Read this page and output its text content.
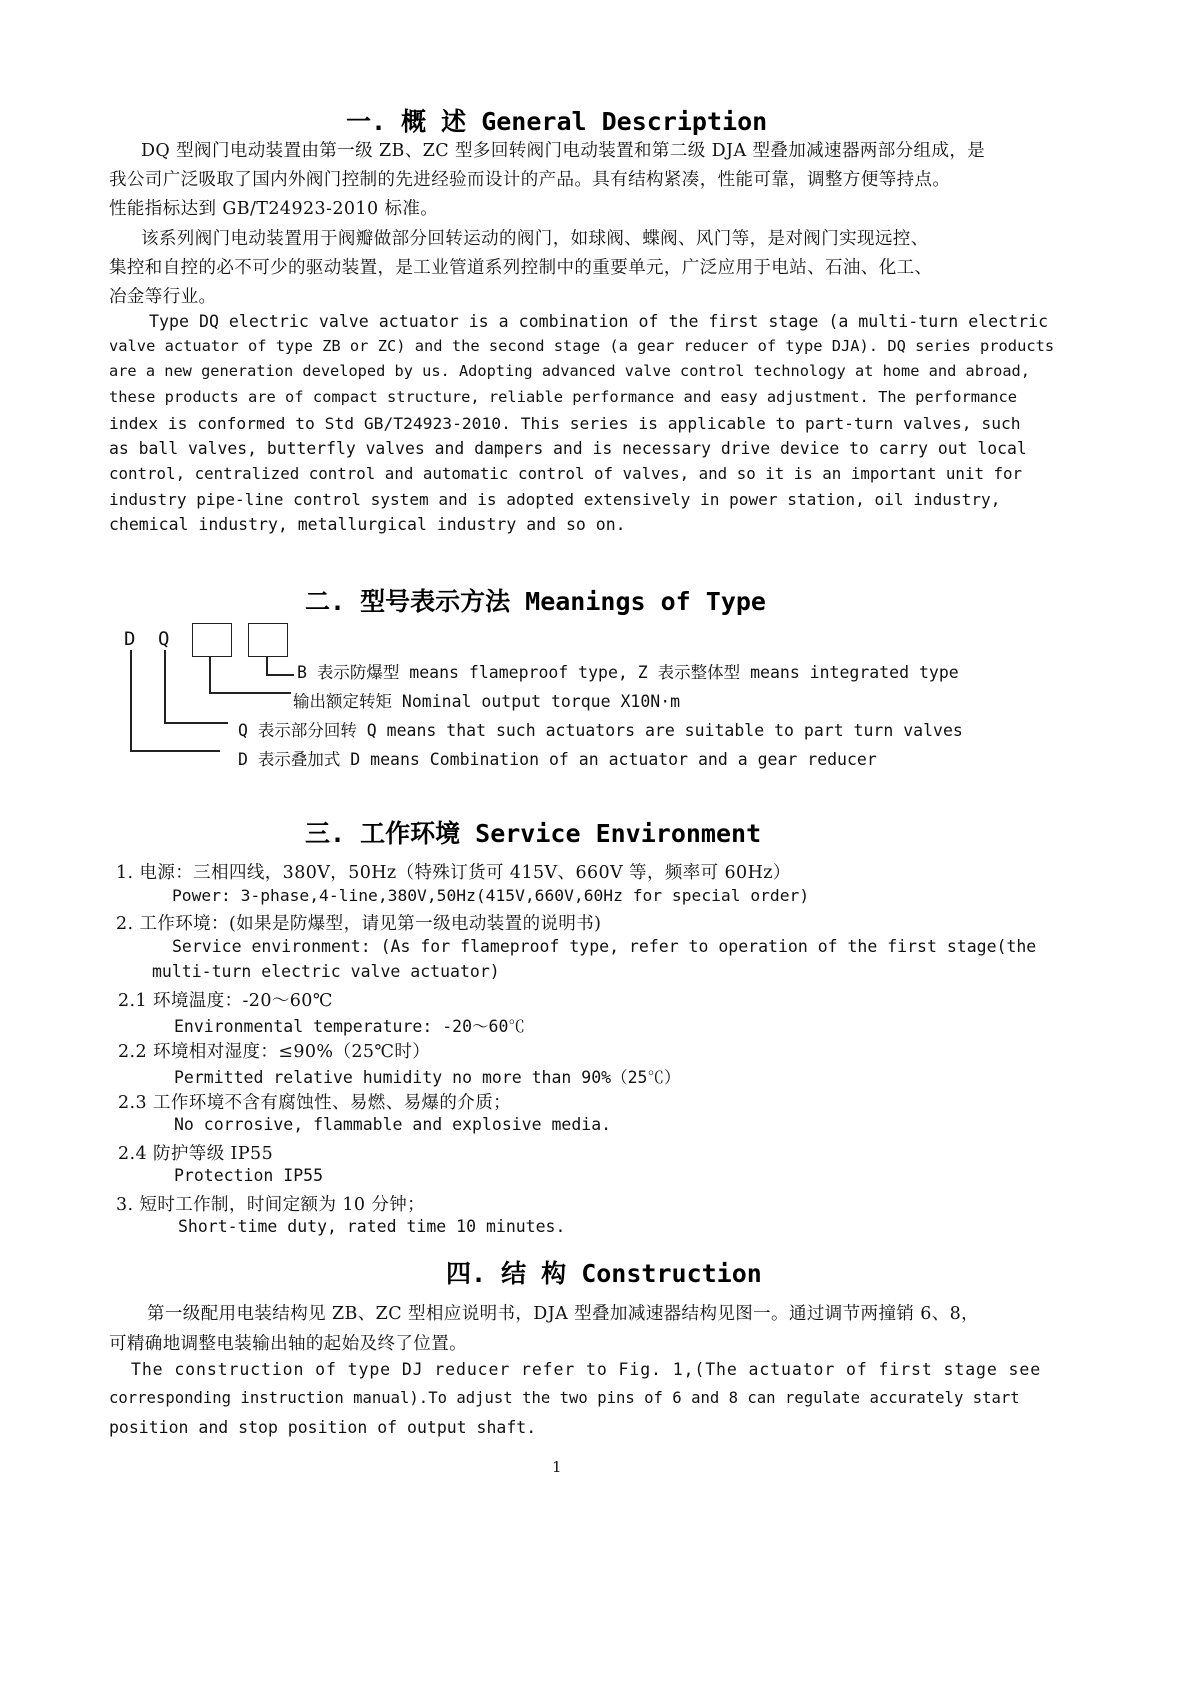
一. 概 述 General Description
DQ 型阀门电动装置由第一级 ZB、ZC 型多回转阀门电动装置和第二级 DJA 型叠加减速器两部分组成，是
我公司广泛吸取了国内外阀门控制的先进经验而设计的产品。具有结构紧凑，性能可靠，调整方便等持点。
性能指标达到 GB/T24923-2010 标准。
该系列阀门电动装置用于阀瓣做部分回转运动的阀门，如球阀、蝶阀、风门等，是对阀门实现远控、
集控和自控的必不可少的驱动装置，是工业管道系列控制中的重要单元，广泛应用于电站、石油、化工、
冶金等行业。
Type DQ electric valve actuator is a combination of the first stage (a multi-turn electric
valve actuator of type ZB or ZC) and the second stage (a gear reducer of type DJA). DQ series products
are a new generation developed by us. Adopting advanced valve control technology at home and abroad,
these products are of compact structure, reliable performance and easy adjustment. The performance
index is conformed to Std GB/T24923-2010. This series is applicable to part-turn valves, such
as ball valves, butterfly valves and dampers and is necessary drive device to carry out local
control, centralized control and automatic control of valves, and so it is an important unit for
industry pipe-line control system and is adopted extensively in power station, oil industry,
chemical industry, metallurgical industry and so on.
二. 型号表示方法 Meanings of Type
D Q
B 表示防爆型 means flameproof type, Z 表示整体型 means integrated type
输出额定转矩 Nominal output torque X10N·m
Q 表示部分回转 Q means that such actuators are suitable to part turn valves
D 表示叠加式 D means Combination of an actuator and a gear reducer
三. 工作环境 Service Environment
1. 电源：三相四线，380V，50Hz（特殊订货可 415V、660V 等，频率可 60Hz）
Power: 3-phase,4-line,380V,50Hz(415V,660V,60Hz for special order)
2. 工作环境：(如果是防爆型，请见第一级电动装置的说明书)
Service environment: (As for flameproof type, refer to operation of the first stage(the
multi-turn electric valve actuator)
2.1 环境温度：-20～60℃
Environmental temperature: -20～60℃
2.2 环境相对湿度：≤90%（25℃时）
Permitted relative humidity no more than 90%（25℃）
2.3 工作环境不含有腐蚀性、易燃、易爆的介质；
No corrosive, flammable and explosive media.
2.4 防护等级 IP55
Protection IP55
3. 短时工作制，时间定额为 10 分钟；
Short-time duty, rated time 10 minutes.
四. 结 构 Construction
第一级配用电装结构见 ZB、ZC 型相应说明书，DJA 型叠加减速器结构见图一。通过调节两撞销 6、8，
可精确地调整电装输出轴的起始及终了位置。
The construction of type DJ reducer refer to Fig. 1,(The actuator of first stage see
corresponding instruction manual).To adjust the two pins of 6 and 8 can regulate accurately start
position and stop position of output shaft.
1
